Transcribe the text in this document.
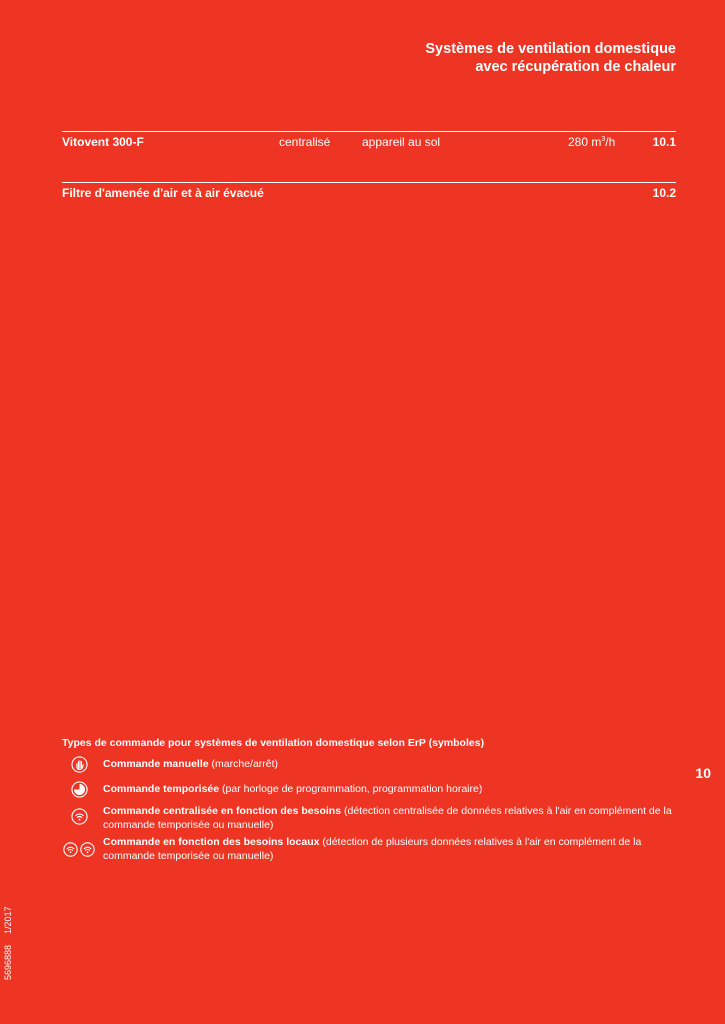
Systèmes de ventilation domestique
avec récupération de chaleur
Vitovent 300-F	centralisé	appareil au sol	280 $m^3/h$	10.1
Filtre d'amenée d'air et à air évacué	10.2
Types de commande pour systèmes de ventilation domestique selon ErP (symboles)
Commande manuelle (marche/arrêt)
Commande temporisée (par horloge de programmation, programmation horaire)
Commande centralisée en fonction des besoins (détection centralisée de données relatives à l'air en complément de la commande temporisée ou manuelle)
Commande en fonction des besoins locaux (détection de plusieurs données relatives à l'air en complément de la commande temporisée ou manuelle)
10
56968881/2017
